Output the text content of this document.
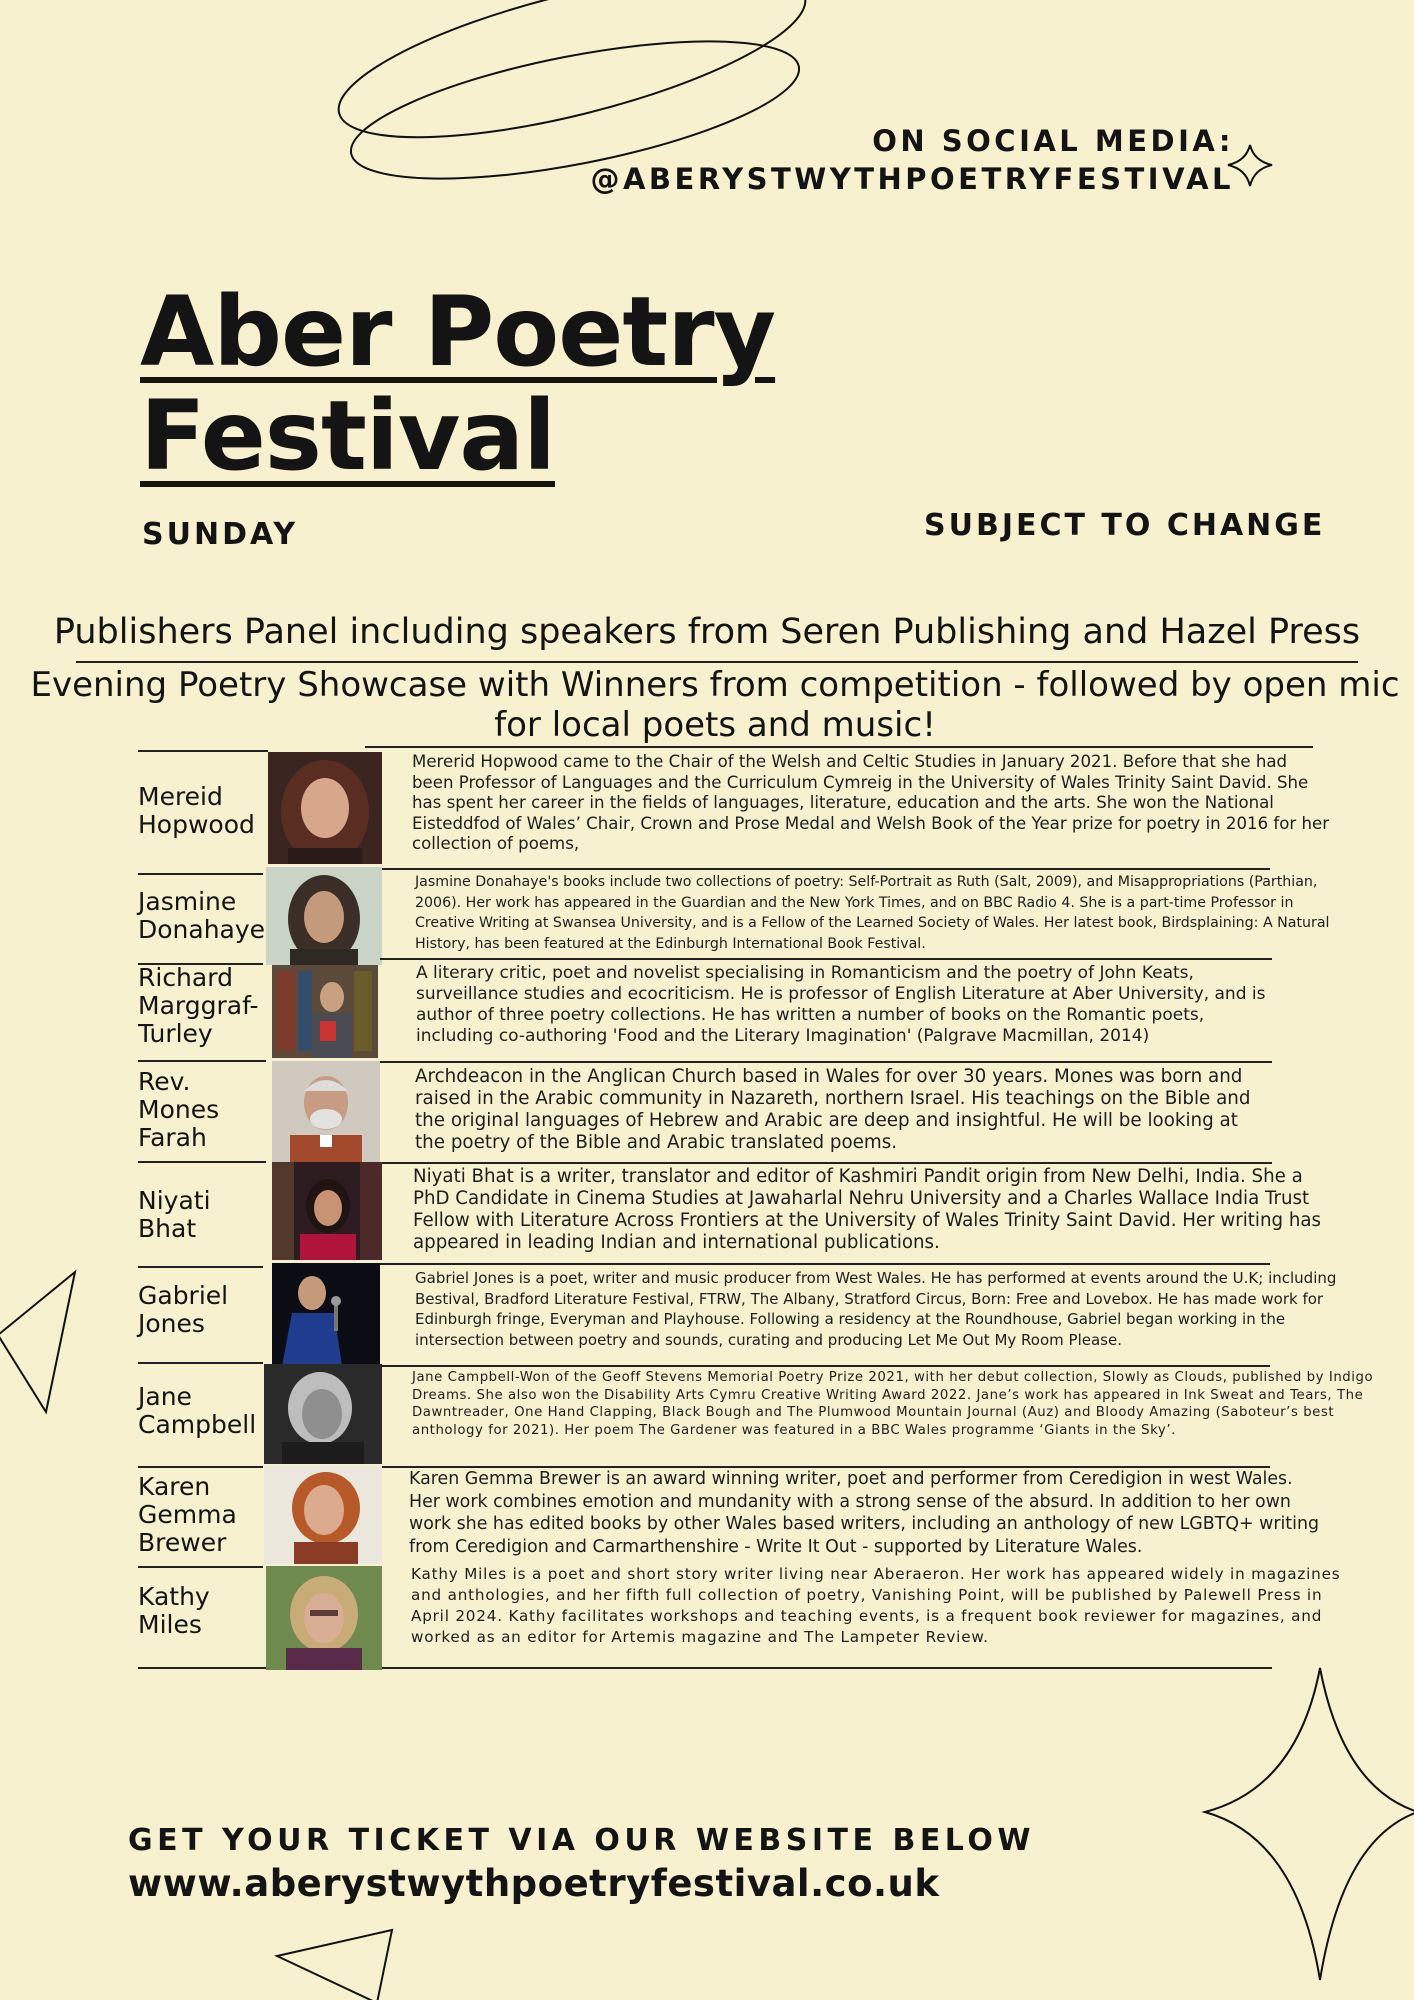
ON SOCIAL MEDIA:
@ABERYSTWYTHPOETRYFESTIVAL
Aber Poetry
Festival
SUNDAY	SUBJECT TO CHANGE
Publishers Panel including speakers from Seren Publishing and Hazel Press
Evening Poetry Showcase with Winners from competition - followed by open mic for local poets and music!
Mereid Hopwood
Mererid Hopwood came to the Chair of the Welsh and Celtic Studies in January 2021. Before that she had been Professor of Languages and the Curriculum Cymreig in the University of Wales Trinity Saint David. She has spent her career in the fields of languages, literature, education and the arts. She won the National Eisteddfod of Wales’ Chair, Crown and Prose Medal and Welsh Book of the Year prize for poetry in 2016 for her collection of poems,
Jasmine Donahaye
Jasmine Donahaye's books include two collections of poetry: Self-Portrait as Ruth (Salt, 2009), and Misappropriations (Parthian, 2006). Her work has appeared in the Guardian and the New York Times, and on BBC Radio 4. She is a part-time Professor in Creative Writing at Swansea University, and is a Fellow of the Learned Society of Wales. Her latest book, Birdsplaining: A Natural History, has been featured at the Edinburgh International Book Festival.
Richard Marggraf-Turley
A literary critic, poet and novelist specialising in Romanticism and the poetry of John Keats, surveillance studies and ecocriticism. He is professor of English Literature at Aber University, and is author of three poetry collections. He has written a number of books on the Romantic poets, including co-authoring 'Food and the Literary Imagination' (Palgrave Macmillan, 2014)
Rev. Mones Farah
Archdeacon in the Anglican Church based in Wales for over 30 years. Mones was born and raised in the Arabic community in Nazareth, northern Israel. His teachings on the Bible and the original languages of Hebrew and Arabic are deep and insightful. He will be looking at the poetry of the Bible and Arabic translated poems.
Niyati Bhat
Niyati Bhat is a writer, translator and editor of Kashmiri Pandit origin from New Delhi, India. She a PhD Candidate in Cinema Studies at Jawaharlal Nehru University and a Charles Wallace India Trust Fellow with Literature Across Frontiers at the University of Wales Trinity Saint David. Her writing has appeared in leading Indian and international publications.
Gabriel Jones
Gabriel Jones is a poet, writer and music producer from West Wales. He has performed at events around the U.K; including Bestival, Bradford Literature Festival, FTRW, The Albany, Stratford Circus, Born: Free and Lovebox. He has made work for Edinburgh fringe, Everyman and Playhouse. Following a residency at the Roundhouse, Gabriel began working in the intersection between poetry and sounds, curating and producing Let Me Out My Room Please.
Jane Campbell
Jane Campbell-Won of the Geoff Stevens Memorial Poetry Prize 2021, with her debut collection, Slowly as Clouds, published by Indigo Dreams. She also won the Disability Arts Cymru Creative Writing Award 2022. Jane’s work has appeared in Ink Sweat and Tears, The Dawntreader, One Hand Clapping, Black Bough and The Plumwood Mountain Journal (Auz) and Bloody Amazing (Saboteur’s best anthology for 2021). Her poem The Gardener was featured in a BBC Wales programme ‘Giants in the Sky’.
Karen Gemma Brewer
Karen Gemma Brewer is an award winning writer, poet and performer from Ceredigion in west Wales. Her work combines emotion and mundanity with a strong sense of the absurd. In addition to her own work she has edited books by other Wales based writers, including an anthology of new LGBTQ+ writing from Ceredigion and Carmarthenshire - Write It Out - supported by Literature Wales.
Kathy Miles
Kathy Miles is a poet and short story writer living near Aberaeron. Her work has appeared widely in magazines and anthologies, and her fifth full collection of poetry, Vanishing Point, will be published by Palewell Press in April 2024. Kathy facilitates workshops and teaching events, is a frequent book reviewer for magazines, and worked as an editor for Artemis magazine and The Lampeter Review.
GET YOUR TICKET VIA OUR WEBSITE BELOW
www.aberystwythpoetryfestival.co.uk
